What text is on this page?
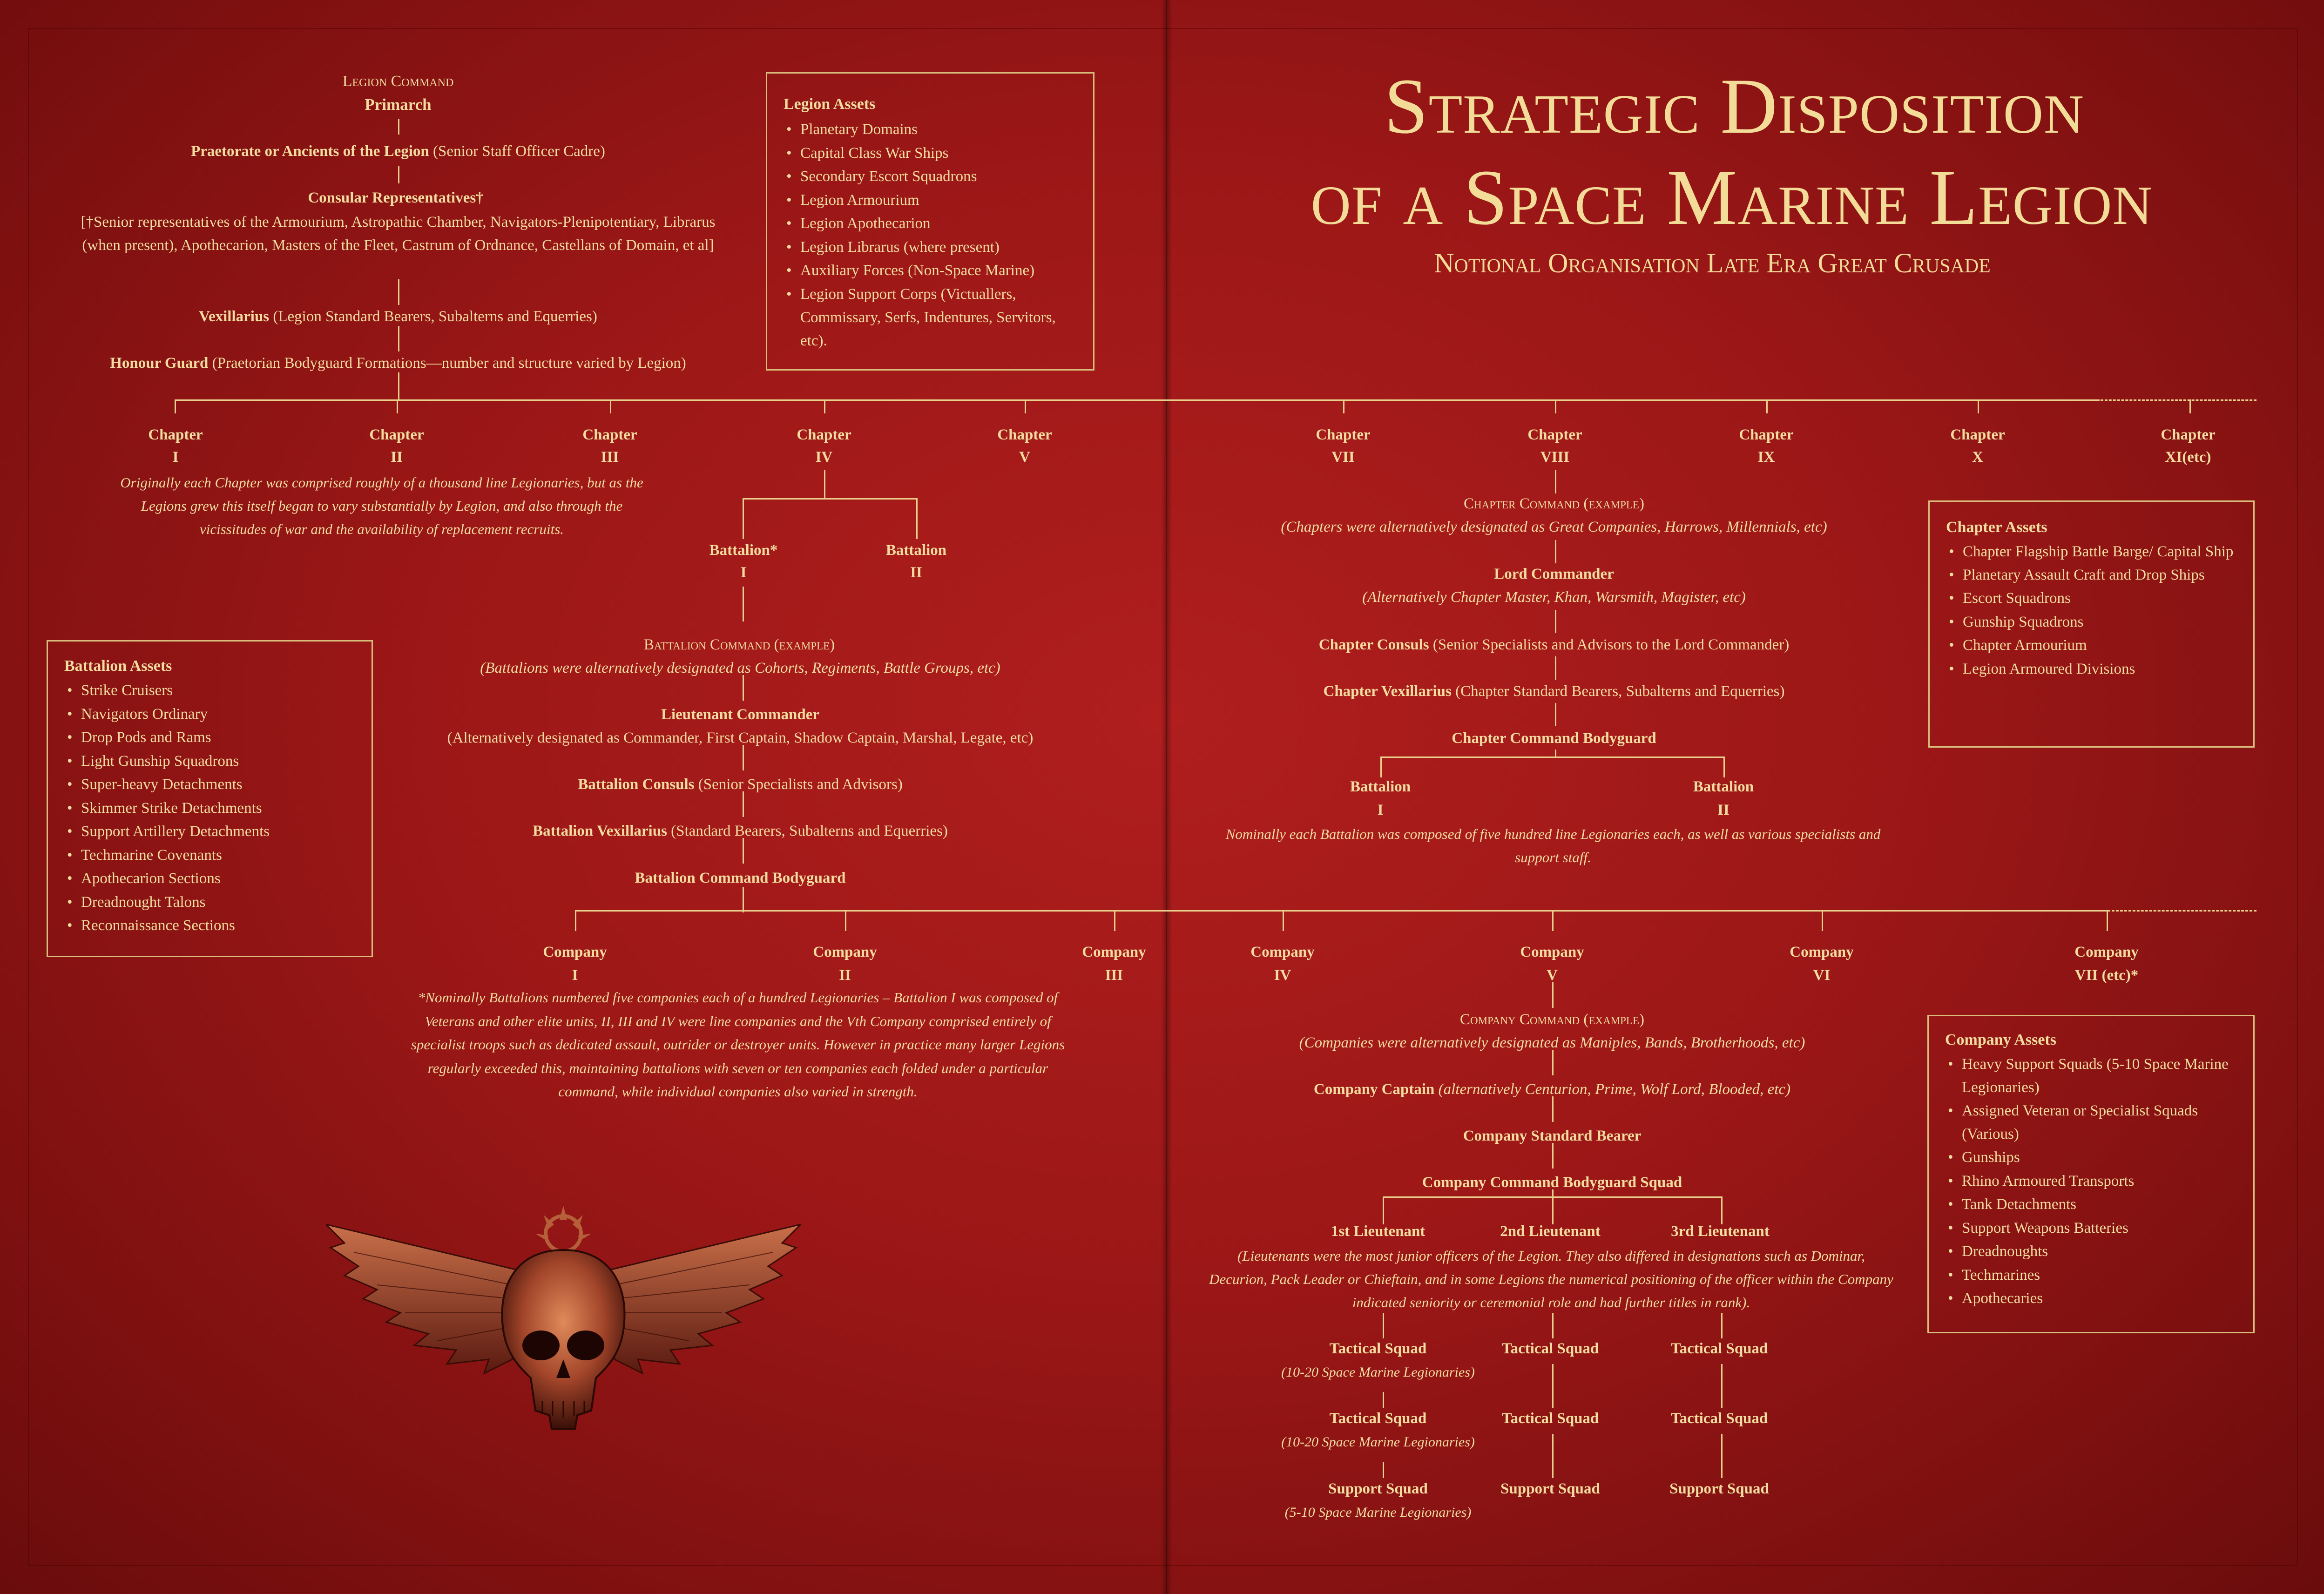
Strategic Disposition
of a Space Marine Legion
Notional Organisation Late Era Great Crusade
Legion Command
Primarch
Praetorate or Ancients of the Legion (Senior Staff Officer Cadre)
Consular Representatives†
[†Senior representatives of the Armourium, Astropathic Chamber, Navigators-Plenipotentiary, Librarus (when present), Apothecarion, Masters of the Fleet, Castrum of Ordnance, Castellans of Domain, et al]
Vexillarius (Legion Standard Bearers, Subalterns and Equerries)
Honour Guard (Praetorian Bodyguard Formations—number and structure varied by Legion)
Legion Assets
• Planetary Domains
• Capital Class War Ships
• Secondary Escort Squadrons
• Legion Armourium
• Legion Apothecarion
• Legion Librarus (where present)
• Auxiliary Forces (Non-Space Marine)
• Legion Support Corps (Victuallers, Commissary, Serfs, Indentures, Servitors, etc).
Chapter
I
Chapter
II
Chapter
III
Chapter
IV
Chapter
V
Chapter
VII
Chapter
VIII
Chapter
IX
Chapter
X
Chapter
XI(etc)
Originally each Chapter was comprised roughly of a thousand line Legionaries, but as the Legions grew this itself began to vary substantially by Legion, and also through the vicissitudes of war and the availability of replacement recruits.
Battalion*
I
Battalion
II
Battalion Command (example)
(Battalions were alternatively designated as Cohorts, Regiments, Battle Groups, etc)
Lieutenant Commander
(Alternatively designated as Commander, First Captain, Shadow Captain, Marshal, Legate, etc)
Battalion Consuls (Senior Specialists and Advisors)
Battalion Vexillarius (Standard Bearers, Subalterns and Equerries)
Battalion Command Bodyguard
Battalion Assets
• Strike Cruisers
• Navigators Ordinary
• Drop Pods and Rams
• Light Gunship Squadrons
• Super-heavy Detachments
• Skimmer Strike Detachments
• Support Artillery Detachments
• Techmarine Covenants
• Apothecarion Sections
• Dreadnought Talons
• Reconnaissance Sections
Chapter Command (example)
(Chapters were alternatively designated as Great Companies, Harrows, Millennials, etc)
Lord Commander
(Alternatively Chapter Master, Khan, Warsmith, Magister, etc)
Chapter Consuls (Senior Specialists and Advisors to the Lord Commander)
Chapter Vexillarius (Chapter Standard Bearers, Subalterns and Equerries)
Chapter Command Bodyguard
Battalion
I
Battalion
II
Nominally each Battalion was composed of five hundred line Legionaries each, as well as various specialists and support staff.
Chapter Assets
• Chapter Flagship Battle Barge/ Capital Ship
• Planetary Assault Craft and Drop Ships
• Escort Squadrons
• Gunship Squadrons
• Chapter Armourium
• Legion Armoured Divisions
Company
I
Company
II
Company
III
Company
IV
Company
V
Company
VI
Company
VII (etc)*
*Nominally Battalions numbered five companies each of a hundred Legionaries – Battalion I was composed of Veterans and other elite units, II, III and IV were line companies and the Vth Company comprised entirely of specialist troops such as dedicated assault, outrider or destroyer units. However in practice many larger Legions regularly exceeded this, maintaining battalions with seven or ten companies each folded under a particular command, while individual companies also varied in strength.
Company Command (example)
(Companies were alternatively designated as Maniples, Bands, Brotherhoods, etc)
Company Captain (alternatively Centurion, Prime, Wolf Lord, Blooded, etc)
Company Standard Bearer
Company Command Bodyguard Squad
1st Lieutenant	2nd Lieutenant	3rd Lieutenant
(Lieutenants were the most junior officers of the Legion. They also differed in designations such as Dominar, Decurion, Pack Leader or Chieftain, and in some Legions the numerical positioning of the officer within the Company indicated seniority or ceremonial role and had further titles in rank).
Tactical Squad
(10-20 Space Marine Legionaries)
Tactical Squad	Tactical Squad
Tactical Squad
(10-20 Space Marine Legionaries)
Tactical Squad	Tactical Squad
Support Squad
(5-10 Space Marine Legionaries)
Support Squad	Support Squad
Company Assets
• Heavy Support Squads (5-10 Space Marine Legionaries)
• Assigned Veteran or Specialist Squads (Various)
• Gunships
• Rhino Armoured Transports
• Tank Detachments
• Support Weapons Batteries
• Dreadnoughts
• Techmarines
• Apothecaries
